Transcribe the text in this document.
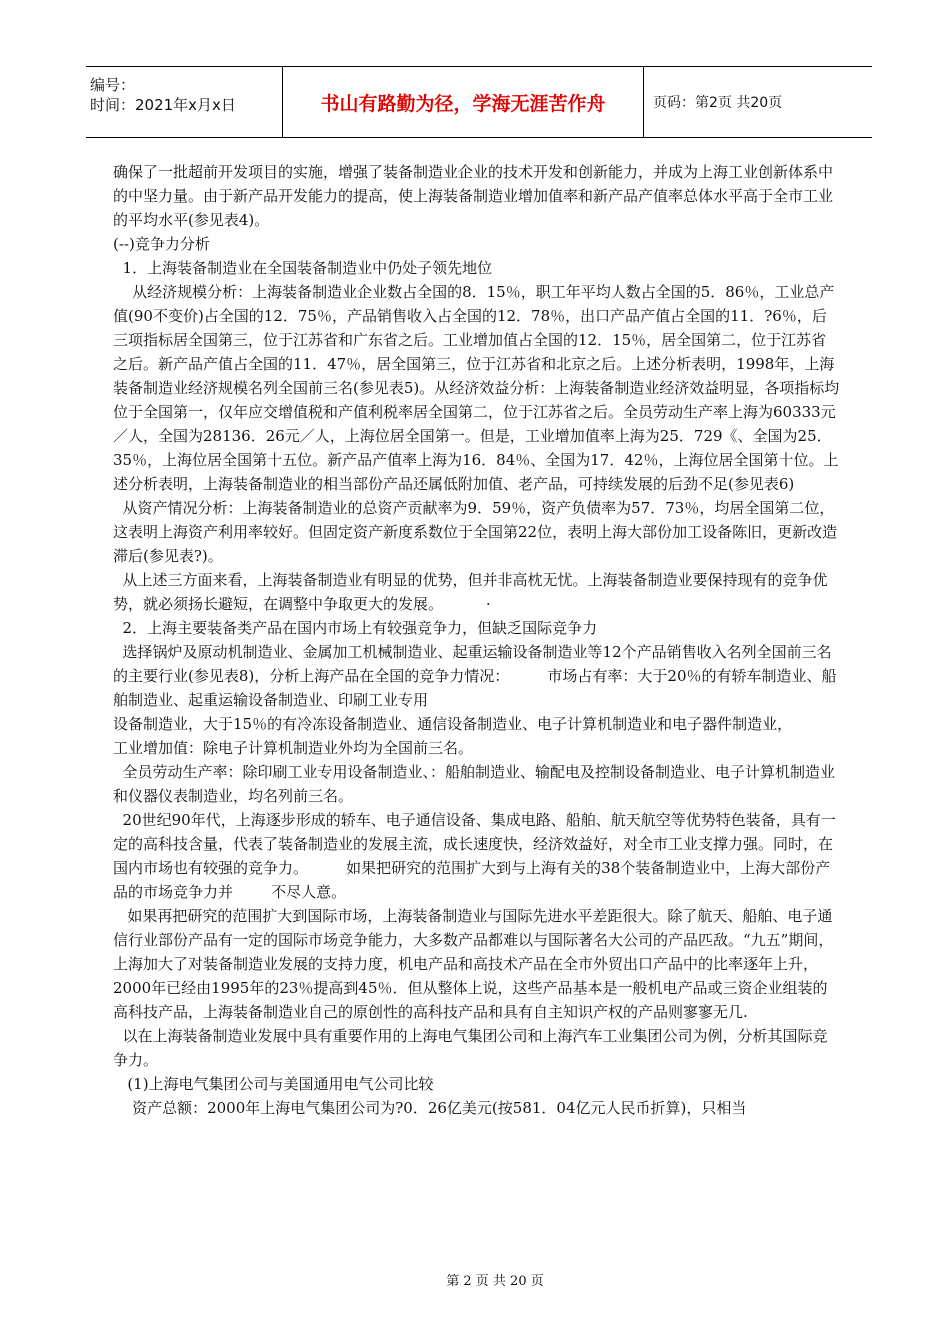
编号：
时间：2021年x月x日	书山有路勤为径，学海无涯苦作舟	页码：第2页 共20页

确保了一批超前开发项目的实施，增强了装备制造业企业的技术开发和创新能力，并成为上海工业创新体系中的中坚力量。由于新产品开发能力的提高，使上海装备制造业增加值率和新产品产值率总体水平高于全市工业的平均水平(参见表4)。

(--)竞争力分析

1．上海装备制造业在全国装备制造业中仍处子领先地位

从经济规模分析：上海装备制造业企业数占全国的8．15％，职工年平均人数占全国的5．86％，工业总产值(90不变价)占全国的12．75％，产品销售收入占全国的12．78％，出口产品产值占全国的11．?6％，后三项指标居全国第三，位于江苏省和广东省之后。工业增加值占全国的12．15％，居全国第二，位于江苏省之后。新产品产值占全国的11．47％，居全国第三，位于江苏省和北京之后。上述分析表明，1998年，上海装备制造业经济规模名列全国前三名(参见表5)。从经济效益分析：上海装备制造业经济效益明显，各项指标均位于全国第一，仅年应交增值税和产值利税率居全国第二，位于江苏省之后。全员劳动生产率上海为60333元／人，全国为28136．26元／人，上海位居全国第一。但是，工业增加值率上海为25．729《、全国为25．35％，上海位居全国第十五位。新产品产值率上海为16．84％、全国为17．42％，上海位居全国第十位。上述分析表明，上海装备制造业的相当部份产品还属低附加值、老产品，可持续发展的后劲不足(参见表6)

从资产情况分析：上海装备制造业的总资产贡献率为9．59％，资产负债率为57．73％，均居全国第二位，这表明上海资产利用率较好。但固定资产新度系数位于全国第22位，表明上海大部份加工设备陈旧，更新改造滞后(参见表?)。

从上述三方面来看，上海装备制造业有明显的优势，但并非高枕无忧。上海装备制造业要保持现有的竞争优势，就必须扬长避短，在调整中争取更大的发展。         ·

2．上海主要装备类产品在国内市场上有较强竞争力，但缺乏国际竞争力

选择锅炉及原动机制造业、金属加工机械制造业、起重运输设备制造业等12个产品销售收入名列全国前三名的主要行业(参见表8)，分析上海产品在全国的竞争力情况：        市场占有率：大于20％的有轿车制造业、船舶制造业、起重运输设备制造业、印刷工业专用

设备制造业，大于15％的有冷冻设备制造业、通信设备制造业、电子计算机制造业和电子器件制造业，        工业增加值：除电子计算机制造业外均为全国前三名。

全员劳动生产率：除印刷工业专用设备制造业、：船舶制造业、输配电及控制设备制造业、电子计算机制造业和仪器仪表制造业，均名列前三名。

20世纪90年代，上海逐步形成的轿车、电子通信设备、集成电路、船舶、航天航空等优势特色装备，具有一定的高科技含量，代表了装备制造业的发展主流，成长速度快，经济效益好，对全市工业支撑力强。同时，在国内市场也有较强的竞争力。        如果把研究的范围扩大到与上海有关的38个装备制造业中，上海大部份产品的市场竞争力并        不尽人意。

如果再把研究的范围扩大到国际市场，上海装备制造业与国际先进水平差距很大。除了航天、船舶、电子通信行业部份产品有一定的国际市场竞争能力，大多数产品都难以与国际著名大公司的产品匹敌。“九五”期间，上海加大了对装备制造业发展的支持力度，机电产品和高技术产品在全市外贸出口产品中的比率逐年上升，2000年已经由1995年的23％提高到45％．但从整体上说，这些产品基本是一般机电产品或三资企业组装的高科技产品，上海装备制造业自己的原创性的高科技产品和具有自主知识产权的产品则寥寥无几.

以在上海装备制造业发展中具有重要作用的上海电气集团公司和上海汽车工业集团公司为例，分析其国际竞争力。

(1)上海电气集团公司与美国通用电气公司比较

资产总额：2000年上海电气集团公司为?0．26亿美元(按581．04亿元人民币折算)，只相当

第 2 页 共 20 页
